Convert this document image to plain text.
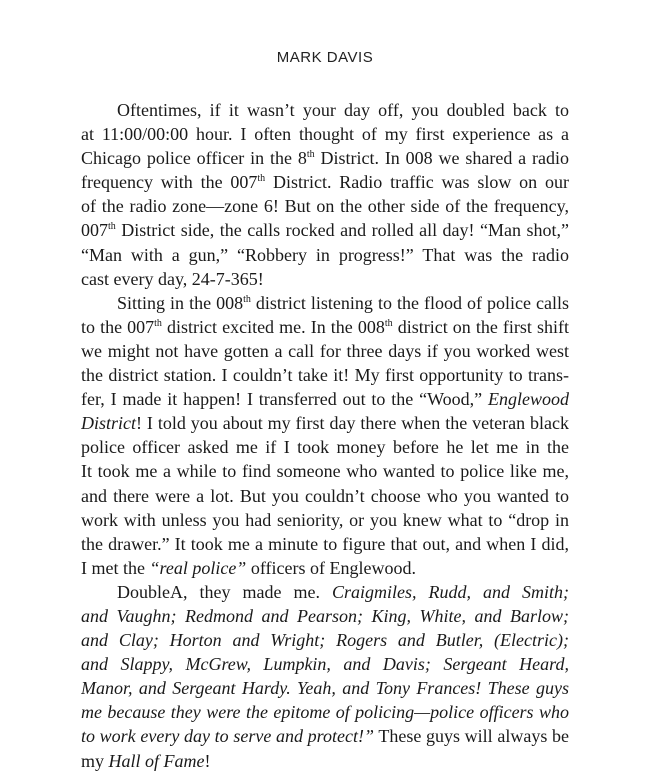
MARK DAVIS
Oftentimes, if it wasn’t your day off, you doubled back to
at 11:00/00:00 hour. I often thought of my first experience as a
Chicago police officer in the 8th District. In 008 we shared a radio
frequency with the 007th District. Radio traffic was slow on our
of the radio zone—zone 6! But on the other side of the frequency,
007th District side, the calls rocked and rolled all day! “Man shot,”
“Man with a gun,” “Robbery in progress!” That was the radio
cast every day, 24-7-365!
Sitting in the 008th district listening to the flood of police calls
to the 007th district excited me. In the 008th district on the first shift
we might not have gotten a call for three days if you worked west
the district station. I couldn’t take it! My first opportunity to trans-
fer, I made it happen! I transferred out to the “Wood,” Englewood
District! I told you about my first day there when the veteran black
police officer asked me if I took money before he let me in the
It took me a while to find someone who wanted to police like me,
and there were a lot. But you couldn’t choose who you wanted to
work with unless you had seniority, or you knew what to “drop in
the drawer.” It took me a minute to figure that out, and when I did,
I met the “real police” officers of Englewood.
DoubleA, they made me. Craigmiles, Rudd, and Smith;
and Vaughn; Redmond and Pearson; King, White, and Barlow;
and Clay; Horton and Wright; Rogers and Butler, (Electric);
and Slappy, McGrew, Lumpkin, and Davis; Sergeant Heard,
Manor, and Sergeant Hardy. Yeah, and Tony Frances! These guys
me because they were the epitome of policing—police officers who
to work every day to serve and protect!” These guys will always be
my Hall of Fame!
